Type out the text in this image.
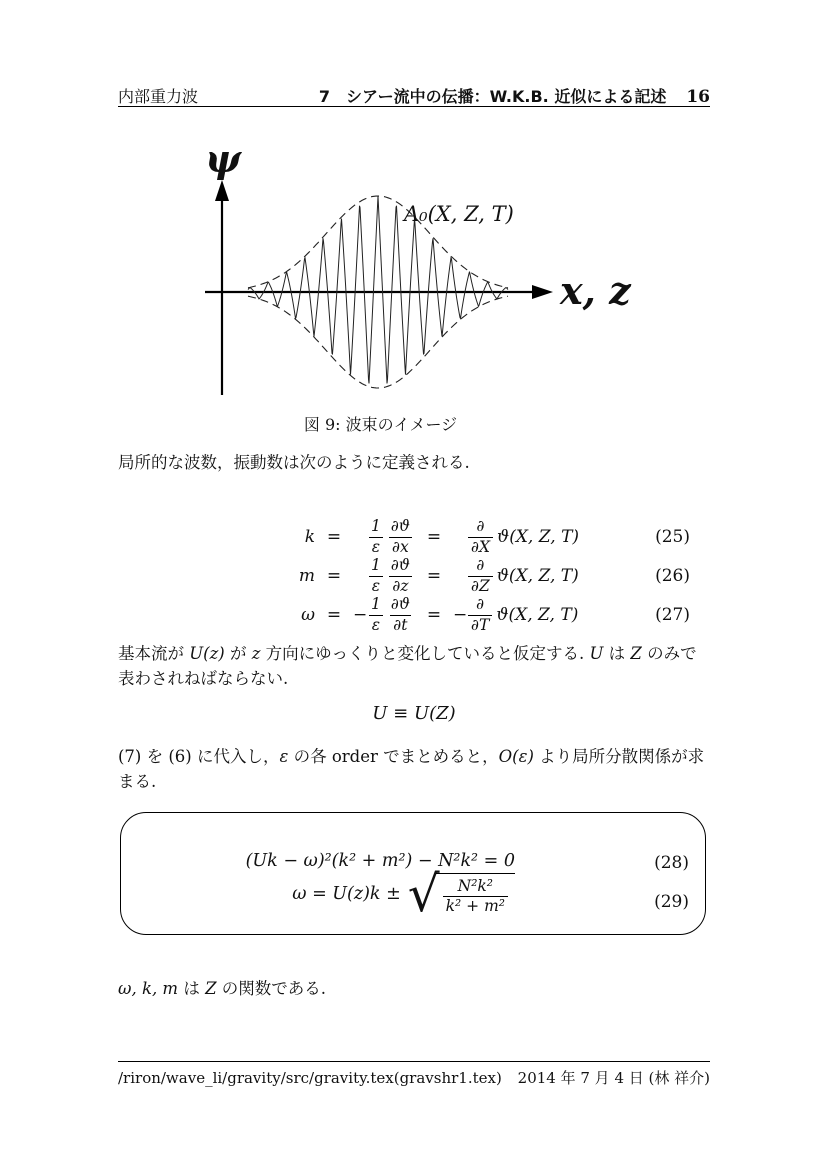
内部重力波	7　シアー流中の伝播：W.K.B. 近似による記述 16
ψ
x, z
A₀(X, Z, T)
図 9: 波束のイメージ
局所的な波数，振動数は次のように定義される.
k =	$\frac{1}{\varepsilon} \frac{\partial ϑ}{\partial x}$ =	$\frac{\partial}{\partial X} ϑ(X$, Z, T)	(25)
m =	$\frac{1}{\varepsilon} \frac{\partial ϑ}{\partial z}$ =	$\frac{\partial}{\partial Z} ϑ(X$, Z, T)	(26)
ω = − $\frac{1}{\varepsilon} \frac{\partial ϑ}{\partial t}$ = − $\frac{\partial}{\partial T} ϑ(X$, Z, T)	(27)
基本流が U(z) が z 方向にゆっくりと変化していると仮定する. U は Z のみで表わされねばならない.
U ≡ U(Z)
(7) を (6) に代入し，ε の各 order でまとめると，O(ε) より局所分散関係が求まる.
(Uk − ω)²(k² + m²) − N²k² = 0
ω = U(z)k ± √ $\frac{\text{N²k²}}{\text{k² + m²}}$
(28)
(29)
ω, k, m は Z の関数である.
/riron/wave_li/gravity/src/gravity.tex(gravshr1.tex) 2014 年 7 月 4 日 (林 祥介)
